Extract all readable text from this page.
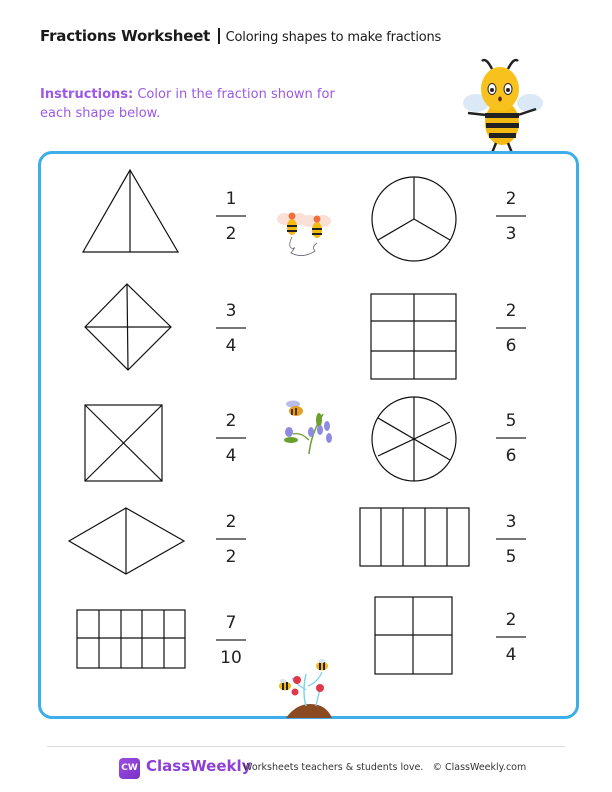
Fractions Worksheet Coloring shapes to make fractions
Instructions: Color in the fraction shown for each shape below.
1
2
3
4
2
4
2
2
7
10
2
3
2
6
5
6
3
5
2
4
CW ClassWeekly
Worksheets teachers & students love. © ClassWeekly.com
